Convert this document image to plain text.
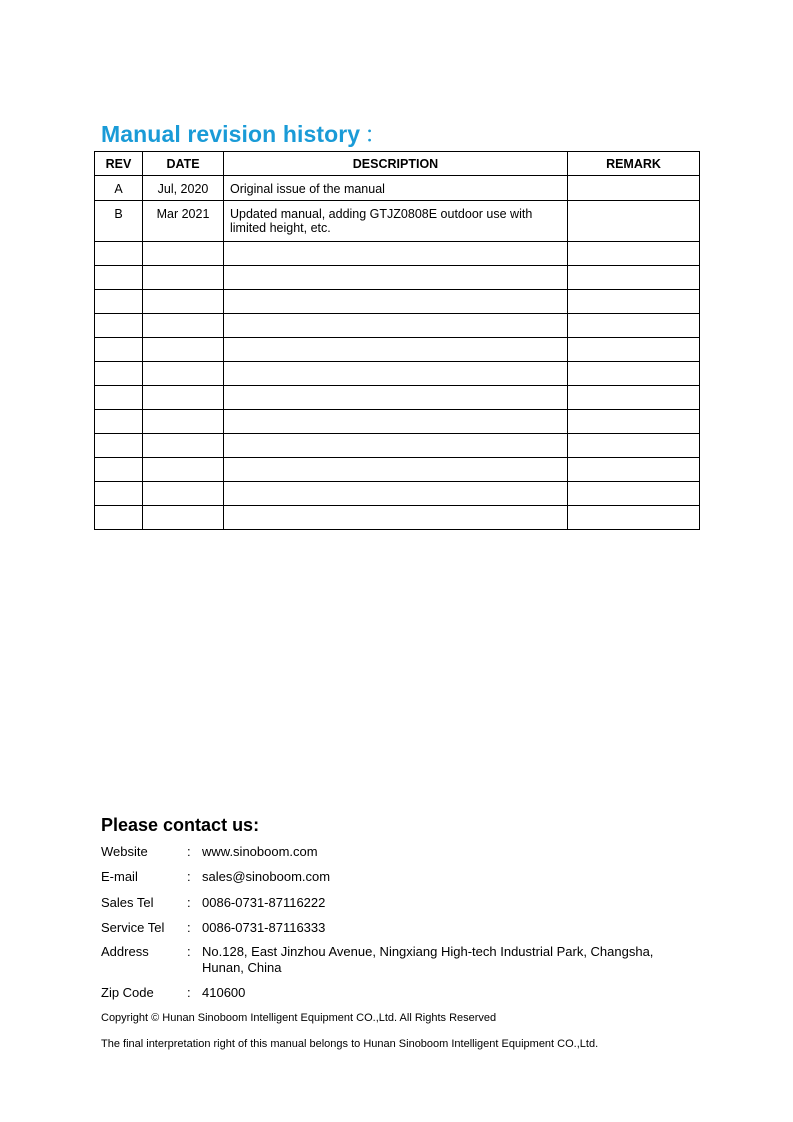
Manual revision history ：
REV	DATE	DESCRIPTION	REMARK

A	Jul, 2020	Original issue of the manual	

B	Mar 2021	Updated manual, adding GTJZ0808E outdoor use with limited height, etc.	

Please contact us:
Website	: www.sinoboom.com
E-mail	: sales@sinoboom.com
Sales Tel	: 0086-0731-87116222
Service Tel : 0086-0731-87116333
Address	: No.128, East Jinzhou Avenue, Ningxiang High-tech Industrial Park, Changsha, Hunan, China
Zip Code	: 410600
Copyright © Hunan Sinoboom Intelligent Equipment CO.,Ltd. All Rights Reserved
The final interpretation right of this manual belongs to Hunan Sinoboom Intelligent Equipment CO.,Ltd.
